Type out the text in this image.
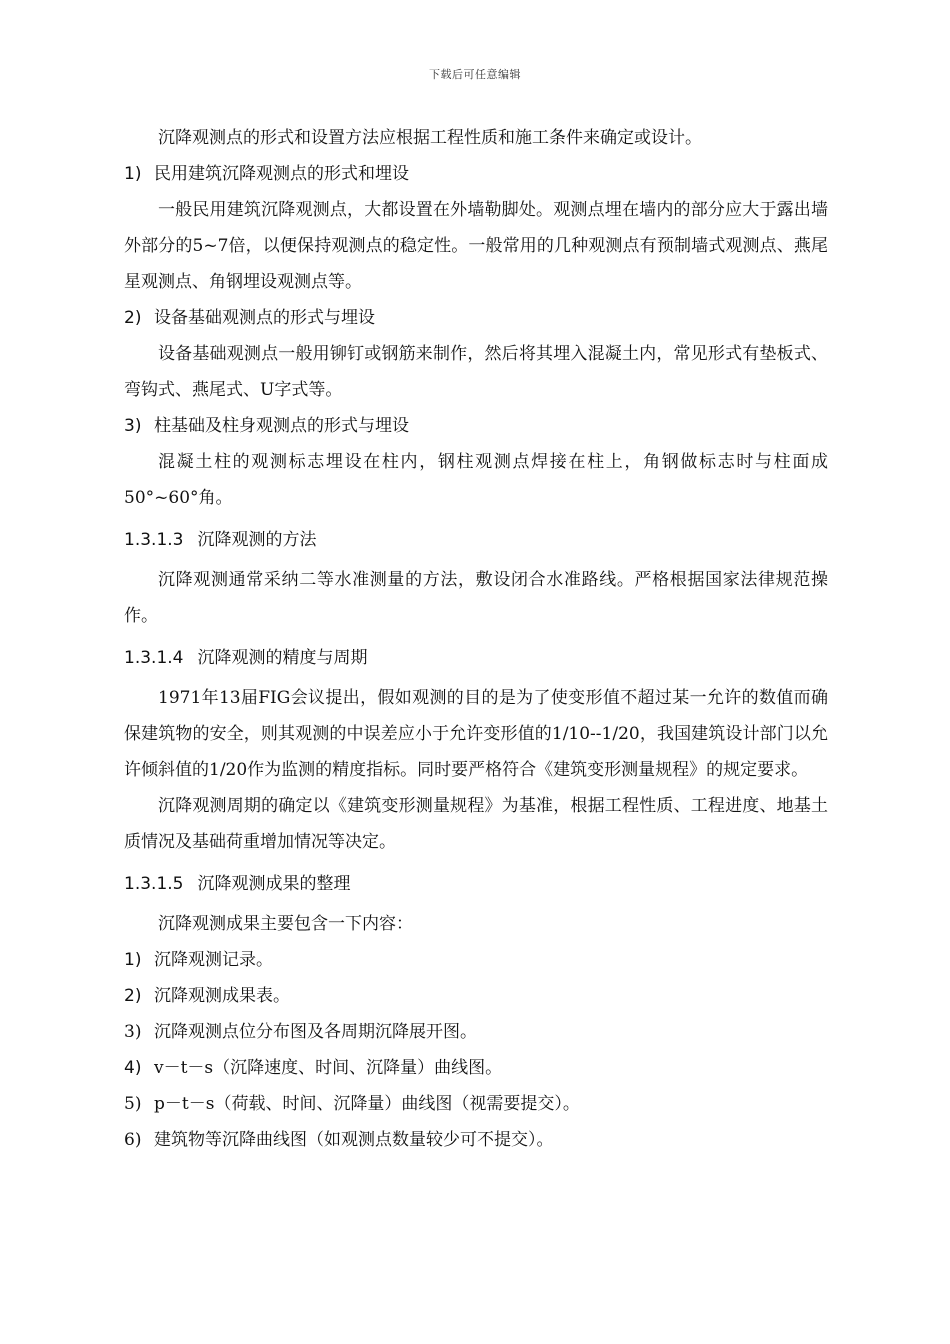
下载后可任意编辑

沉降观测点的形式和设置方法应根据工程性质和施工条件来确定或设计。

1) 民用建筑沉降观测点的形式和埋设

一般民用建筑沉降观测点，大都设置在外墙勒脚处。观测点埋在墙内的部分应大于露出墙外部分的5~7倍，以便保持观测点的稳定性。一般常用的几种观测点有预制墙式观测点、燕尾星观测点、角钢埋设观测点等。

2) 设备基础观测点的形式与埋设

设备基础观测点一般用铆钉或钢筋来制作，然后将其埋入混凝土内，常见形式有垫板式、弯钩式、燕尾式、U字式等。

3) 柱基础及柱身观测点的形式与埋设

混凝土柱的观测标志埋设在柱内，钢柱观测点焊接在柱上，角钢做标志时与柱面成50°~60°角。

1.3.1.3 沉降观测的方法

沉降观测通常采纳二等水准测量的方法，敷设闭合水准路线。严格根据国家法律规范操作。

1.3.1.4 沉降观测的精度与周期

1971年13届FIG会议提出，假如观测的目的是为了使变形值不超过某一允许的数值而确保建筑物的安全，则其观测的中误差应小于允许变形值的1/10--1/20，我国建筑设计部门以允许倾斜值的1/20作为监测的精度指标。同时要严格符合《建筑变形测量规程》的规定要求。

沉降观测周期的确定以《建筑变形测量规程》为基准，根据工程性质、工程进度、地基土质情况及基础荷重增加情况等决定。

1.3.1.5 沉降观测成果的整理

沉降观测成果主要包含一下内容：

1) 沉降观测记录。

2) 沉降观测成果表。

3) 沉降观测点位分布图及各周期沉降展开图。

4) v－t－s（沉降速度、时间、沉降量）曲线图。

5) p－t－s（荷载、时间、沉降量）曲线图（视需要提交）。

6) 建筑物等沉降曲线图（如观测点数量较少可不提交）。
